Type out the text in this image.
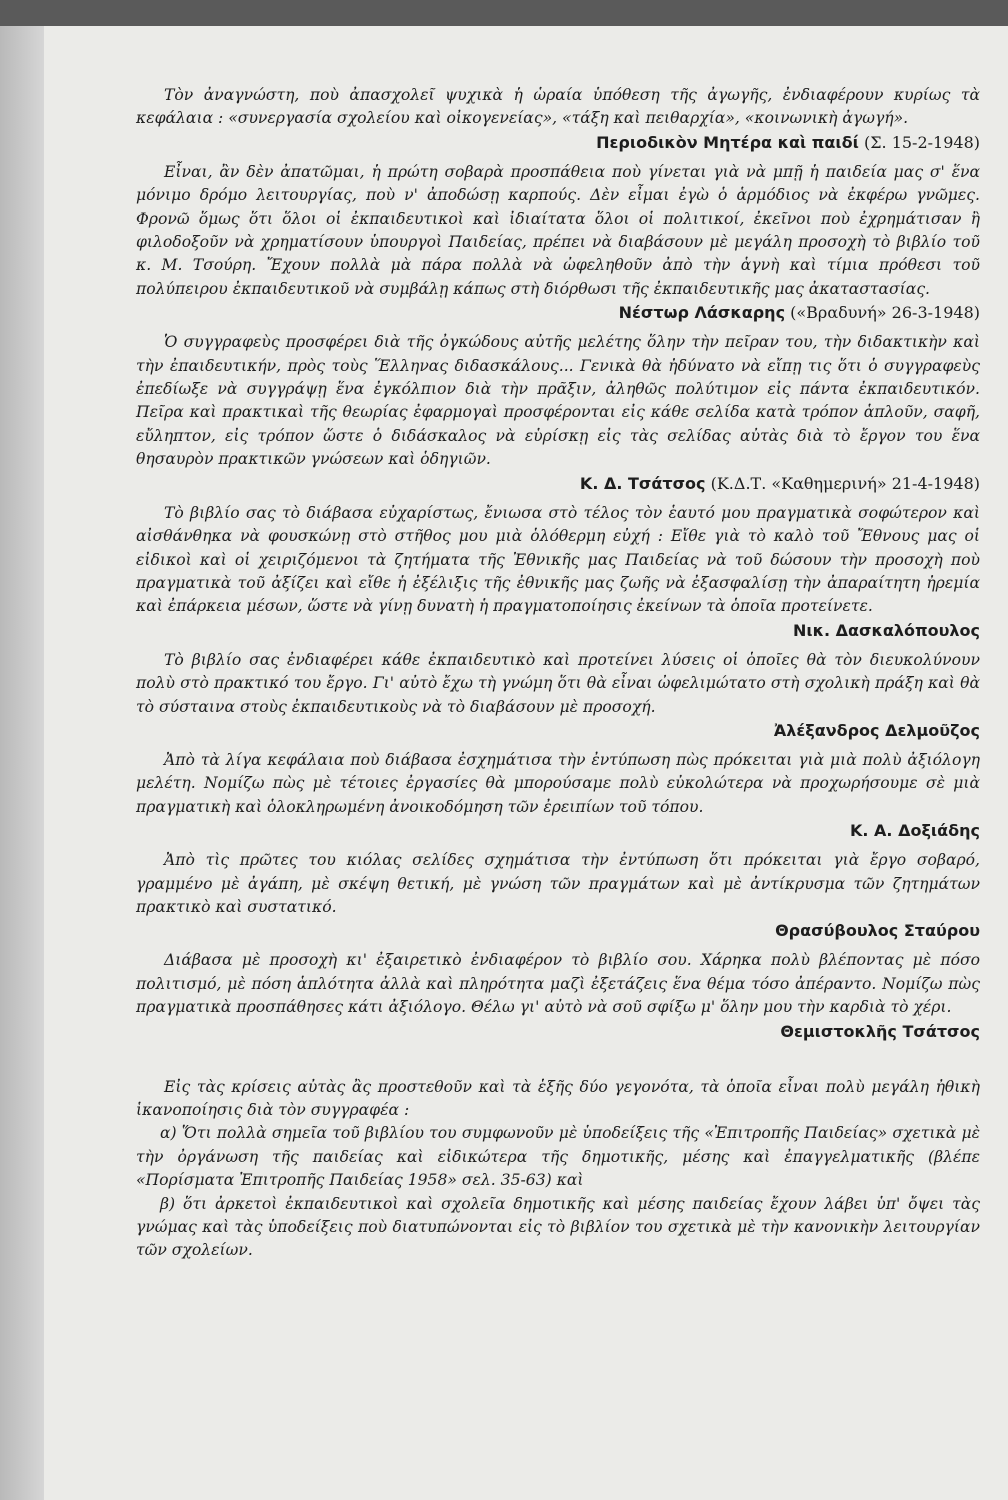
Τὸν ἀναγνώστη, ποὺ ἀπασχολεῖ ψυχικὰ ἡ ὡραία ὑπόθεση τῆς ἀγωγῆς, ἐνδιαφέρουν κυρίως τὰ κεφάλαια : «συνεργασία σχολείου καὶ οἰκογενείας», «τάξη καὶ πειθαρχία», «κοινωνικὴ ἀγωγή».

Περιοδικὸν Μητέρα καὶ παιδί (Σ. 15-2-1948)

Εἶναι, ἂν δὲν ἀπατῶμαι, ἡ πρώτη σοβαρὰ προσπάθεια ποὺ γίνεται γιὰ νὰ μπῇ ἡ παιδεία μας σ' ἕνα μόνιμο δρόμο λειτουργίας, ποὺ ν' ἀποδώσῃ καρπούς. Δὲν εἶμαι ἐγὼ ὁ ἁρμόδιος νὰ ἐκφέρω γνῶμες. Φρονῶ ὅμως ὅτι ὅλοι οἱ ἐκπαιδευτικοὶ καὶ ἰδιαίτατα ὅλοι οἱ πολιτικοί, ἐκεῖνοι ποὺ ἐχρημάτισαν ἢ φιλοδοξοῦν νὰ χρηματίσουν ὑπουργοὶ Παιδείας, πρέπει νὰ διαβάσουν μὲ μεγάλη προσοχὴ τὸ βιβλίο τοῦ κ. Μ. Τσούρη. Ἔχουν πολλὰ μὰ πάρα πολλὰ νὰ ὠφεληθοῦν ἀπὸ τὴν ἁγνὴ καὶ τίμια πρόθεσι τοῦ πολύπειρου ἐκπαιδευτικοῦ νὰ συμβάλῃ κάπως στὴ διόρθωσι τῆς ἐκπαιδευτικῆς μας ἀκαταστασίας.

Νέστωρ Λάσκαρης («Βραδυνή» 26-3-1948)

Ὁ συγγραφεὺς προσφέρει διὰ τῆς ὀγκώδους αὐτῆς μελέτης ὅλην τὴν πεῖραν του, τὴν διδακτικὴν καὶ τὴν ἐπαιδευτικήν, πρὸς τοὺς Ἕλληνας διδασκάλους... Γενικὰ θὰ ἠδύνατο νὰ εἴπῃ τις ὅτι ὁ συγγραφεὺς ἐπεδίωξε νὰ συγγράψῃ ἕνα ἐγκόλπιον διὰ τὴν πρᾶξιν, ἀληθῶς πολύτιμον εἰς πάντα ἐκπαιδευτικόν. Πεῖρα καὶ πρακτικαὶ τῆς θεωρίας ἐφαρμογαὶ προσφέρονται εἰς κάθε σελίδα κατὰ τρόπον ἁπλοῦν, σαφῆ, εὔληπτον, εἰς τρόπον ὥστε ὁ διδάσκαλος νὰ εὑρίσκῃ εἰς τὰς σελίδας αὐτὰς διὰ τὸ ἔργον του ἕνα θησαυρὸν πρακτικῶν γνώσεων καὶ ὁδηγιῶν.

Κ. Δ. Τσάτσος (Κ.Δ.Τ. «Καθημερινή» 21-4-1948)

Τὸ βιβλίο σας τὸ διάβασα εὐχαρίστως, ἔνιωσα στὸ τέλος τὸν ἑαυτό μου πραγματικὰ σοφώτερον καὶ αἰσθάνθηκα νὰ φουσκώνῃ στὸ στῆθος μου μιὰ ὁλόθερμη εὐχή : Εἴθε γιὰ τὸ καλὸ τοῦ Ἔθνους μας οἱ εἰδικοὶ καὶ οἱ χειριζόμενοι τὰ ζητήματα τῆς Ἐθνικῆς μας Παιδείας νὰ τοῦ δώσουν τὴν προσοχὴ ποὺ πραγματικὰ τοῦ ἀξίζει καὶ εἴθε ἡ ἐξέλιξις τῆς ἐθνικῆς μας ζωῆς νὰ ἐξασφαλίσῃ τὴν ἀπαραίτητη ἠρεμία καὶ ἐπάρκεια μέσων, ὥστε νὰ γίνῃ δυνατὴ ἡ πραγματοποίησις ἐκείνων τὰ ὁποῖα προτείνετε.

Νικ. Δασκαλόπουλος

Τὸ βιβλίο σας ἐνδιαφέρει κάθε ἐκπαιδευτικὸ καὶ προτείνει λύσεις οἱ ὁποῖες θὰ τὸν διευκολύνουν πολὺ στὸ πρακτικό του ἔργο. Γι' αὐτὸ ἔχω τὴ γνώμη ὅτι θὰ εἶναι ὠφελιμώτατο στὴ σχολικὴ πράξη καὶ θὰ τὸ σύσταινα στοὺς ἐκπαιδευτικοὺς νὰ τὸ διαβάσουν μὲ προσοχή.

Ἀλέξανδρος Δελμοῦζος

Ἀπὸ τὰ λίγα κεφάλαια ποὺ διάβασα ἐσχημάτισα τὴν ἐντύπωση πὼς πρόκειται γιὰ μιὰ πολὺ ἀξιόλογη μελέτη. Νομίζω πὼς μὲ τέτοιες ἐργασίες θὰ μπορούσαμε πολὺ εὐκολώτερα νὰ προχωρήσουμε σὲ μιὰ πραγματικὴ καὶ ὁλοκληρωμένη ἀνοικοδόμηση τῶν ἐρειπίων τοῦ τόπου.

Κ. Α. Δοξιάδης

Ἀπὸ τὶς πρῶτες του κιόλας σελίδες σχημάτισα τὴν ἐντύπωση ὅτι πρόκειται γιὰ ἔργο σοβαρό, γραμμένο μὲ ἀγάπη, μὲ σκέψη θετική, μὲ γνώση τῶν πραγμάτων καὶ μὲ ἀντίκρυσμα τῶν ζητημάτων πρακτικὸ καὶ συστατικό.

Θρασύβουλος Σταύρου

Διάβασα μὲ προσοχὴ κι' ἐξαιρετικὸ ἐνδιαφέρον τὸ βιβλίο σου. Χάρηκα πολὺ βλέποντας μὲ πόσο πολιτισμό, μὲ πόση ἁπλότητα ἀλλὰ καὶ πληρότητα μαζὶ ἐξετάζεις ἕνα θέμα τόσο ἀπέραντο. Νομίζω πὼς πραγματικὰ προσπάθησες κάτι ἀξιόλογο. Θέλω γι' αὐτὸ νὰ σοῦ σφίξω μ' ὅλην μου τὴν καρδιὰ τὸ χέρι.

Θεμιστοκλῆς Τσάτσος

Εἰς τὰς κρίσεις αὐτὰς ἂς προστεθοῦν καὶ τὰ ἑξῆς δύο γεγονότα, τὰ ὁποῖα εἶναι πολὺ μεγάλη ἠθικὴ ἱκανοποίησις διὰ τὸν συγγραφέα :

α) Ὅτι πολλὰ σημεῖα τοῦ βιβλίου του συμφωνοῦν μὲ ὑποδείξεις τῆς «Ἐπιτροπῆς Παιδείας» σχετικὰ μὲ τὴν ὀργάνωση τῆς παιδείας καὶ εἰδικώτερα τῆς δημοτικῆς, μέσης καὶ ἐπαγγελματικῆς (βλέπε «Πορίσματα Ἐπιτροπῆς Παιδείας 1958» σελ. 35-63) καὶ

β) ὅτι ἀρκετοὶ ἐκπαιδευτικοὶ καὶ σχολεῖα δημοτικῆς καὶ μέσης παιδείας ἔχουν λάβει ὑπ' ὄψει τὰς γνώμας καὶ τὰς ὑποδείξεις ποὺ διατυπώνονται εἰς τὸ βιβλίον του σχετικὰ μὲ τὴν κανονικὴν λειτουργίαν τῶν σχολείων.
